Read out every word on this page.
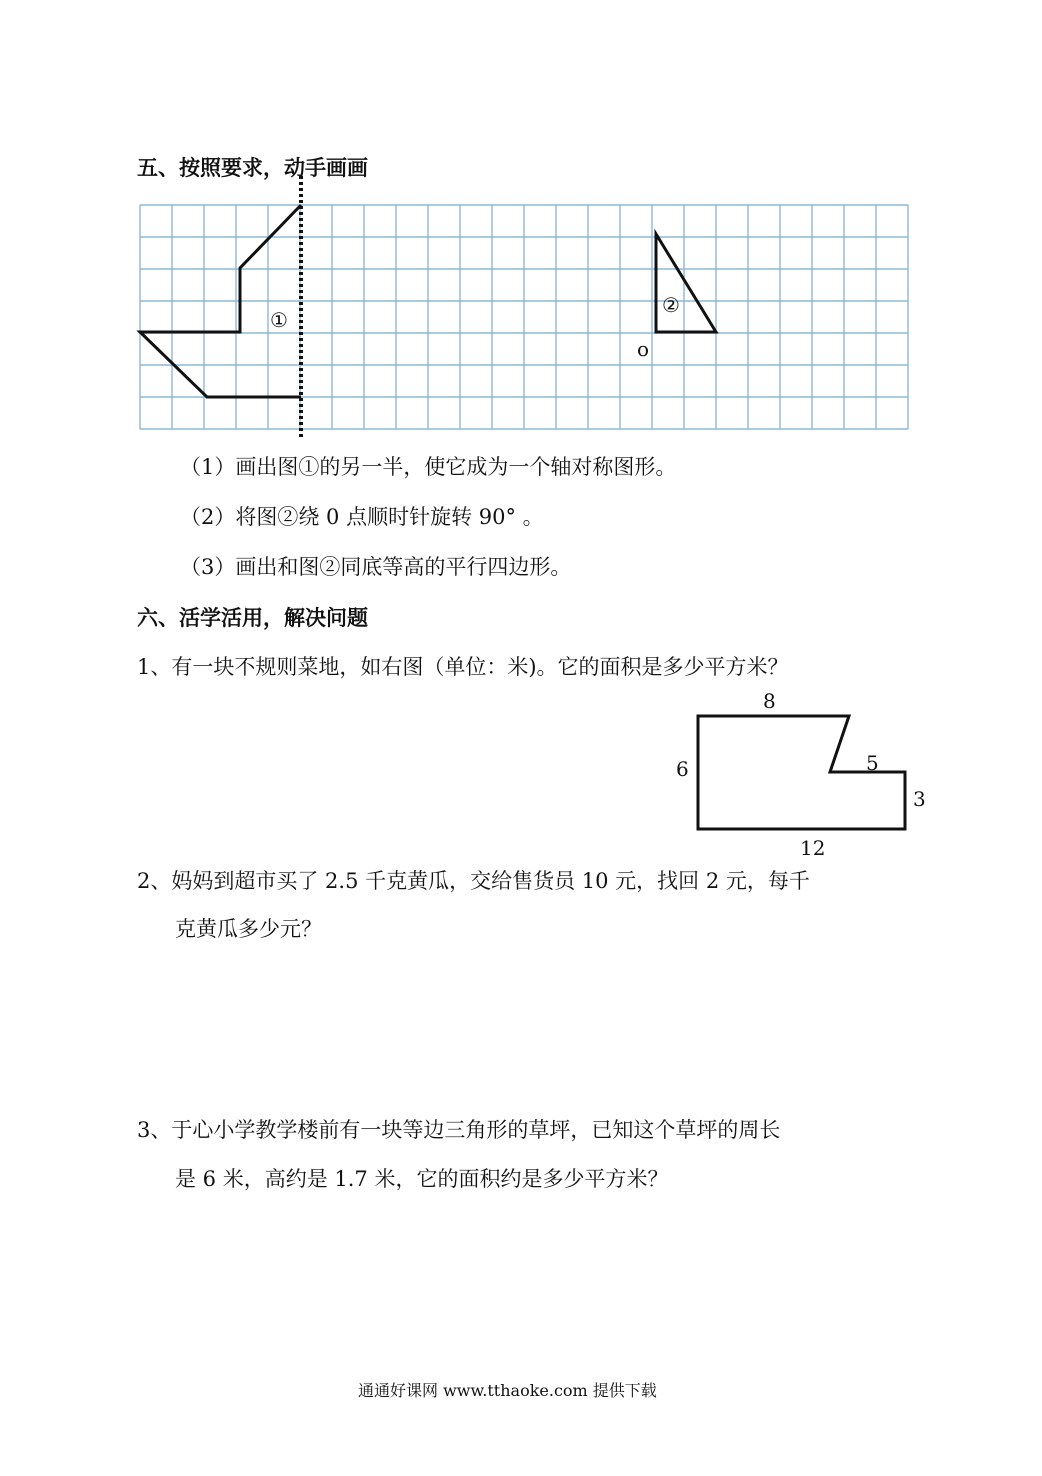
五、按照要求，动手画画
①
②
o
（1）画出图①的另一半，使它成为一个轴对称图形。
（2）将图②绕 0 点顺时针旋转 90° 。
（3）画出和图②同底等高的平行四边形。
六、活学活用，解决问题
1、有一块不规则菜地，如右图（单位：米)。它的面积是多少平方米？
8
6	5
3
12
2、妈妈到超市买了 2.5 千克黄瓜，交给售货员 10 元，找回 2 元，每千
克黄瓜多少元？
3、于心小学教学楼前有一块等边三角形的草坪，已知这个草坪的周长
是 6 米，高约是 1.7 米，它的面积约是多少平方米？
通通好课网 www.tthaoke.com 提供下载
